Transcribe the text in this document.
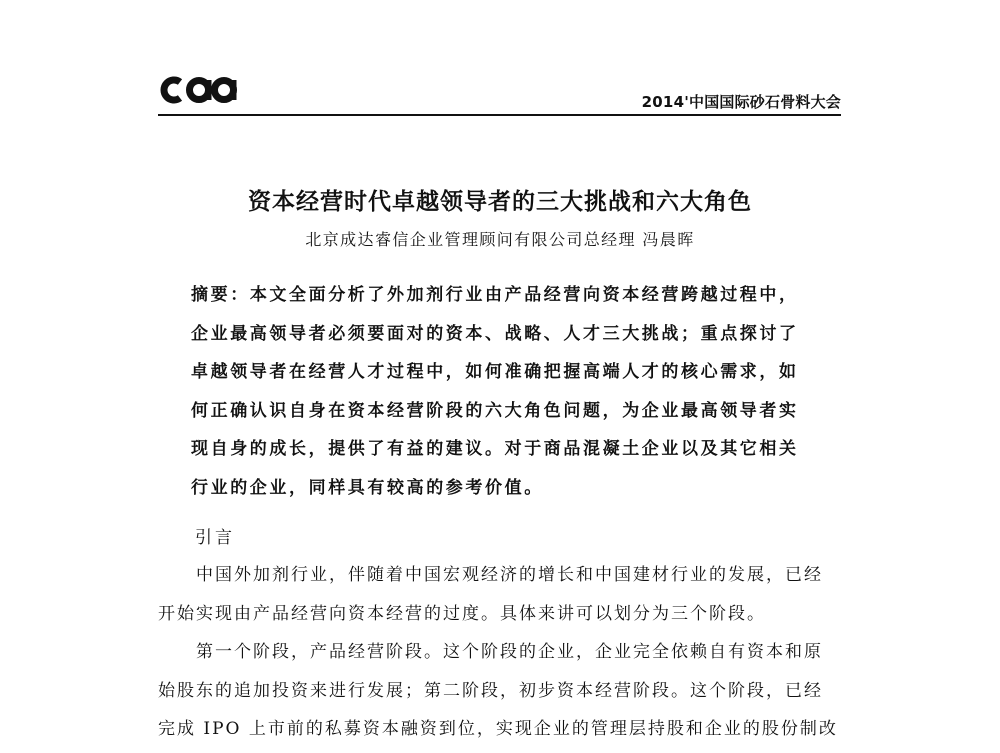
2014'中国国际砂石骨料大会
资本经营时代卓越领导者的三大挑战和六大角色
北京成达睿信企业管理顾问有限公司总经理 冯晨晖
摘要：本文全面分析了外加剂行业由产品经营向资本经营跨越过程中，
企业最高领导者必须要面对的资本、战略、人才三大挑战；重点探讨了
卓越领导者在经营人才过程中，如何准确把握高端人才的核心需求，如
何正确认识自身在资本经营阶段的六大角色问题，为企业最高领导者实
现自身的成长，提供了有益的建议。对于商品混凝土企业以及其它相关
行业的企业，同样具有较高的参考价值。
引言
中国外加剂行业，伴随着中国宏观经济的增长和中国建材行业的发展，已经
开始实现由产品经营向资本经营的过度。具体来讲可以划分为三个阶段。
第一个阶段，产品经营阶段。这个阶段的企业，企业完全依赖自有资本和原
始股东的追加投资来进行发展；第二阶段，初步资本经营阶段。这个阶段，已经
完成 IPO 上市前的私募资本融资到位，实现企业的管理层持股和企业的股份制改
